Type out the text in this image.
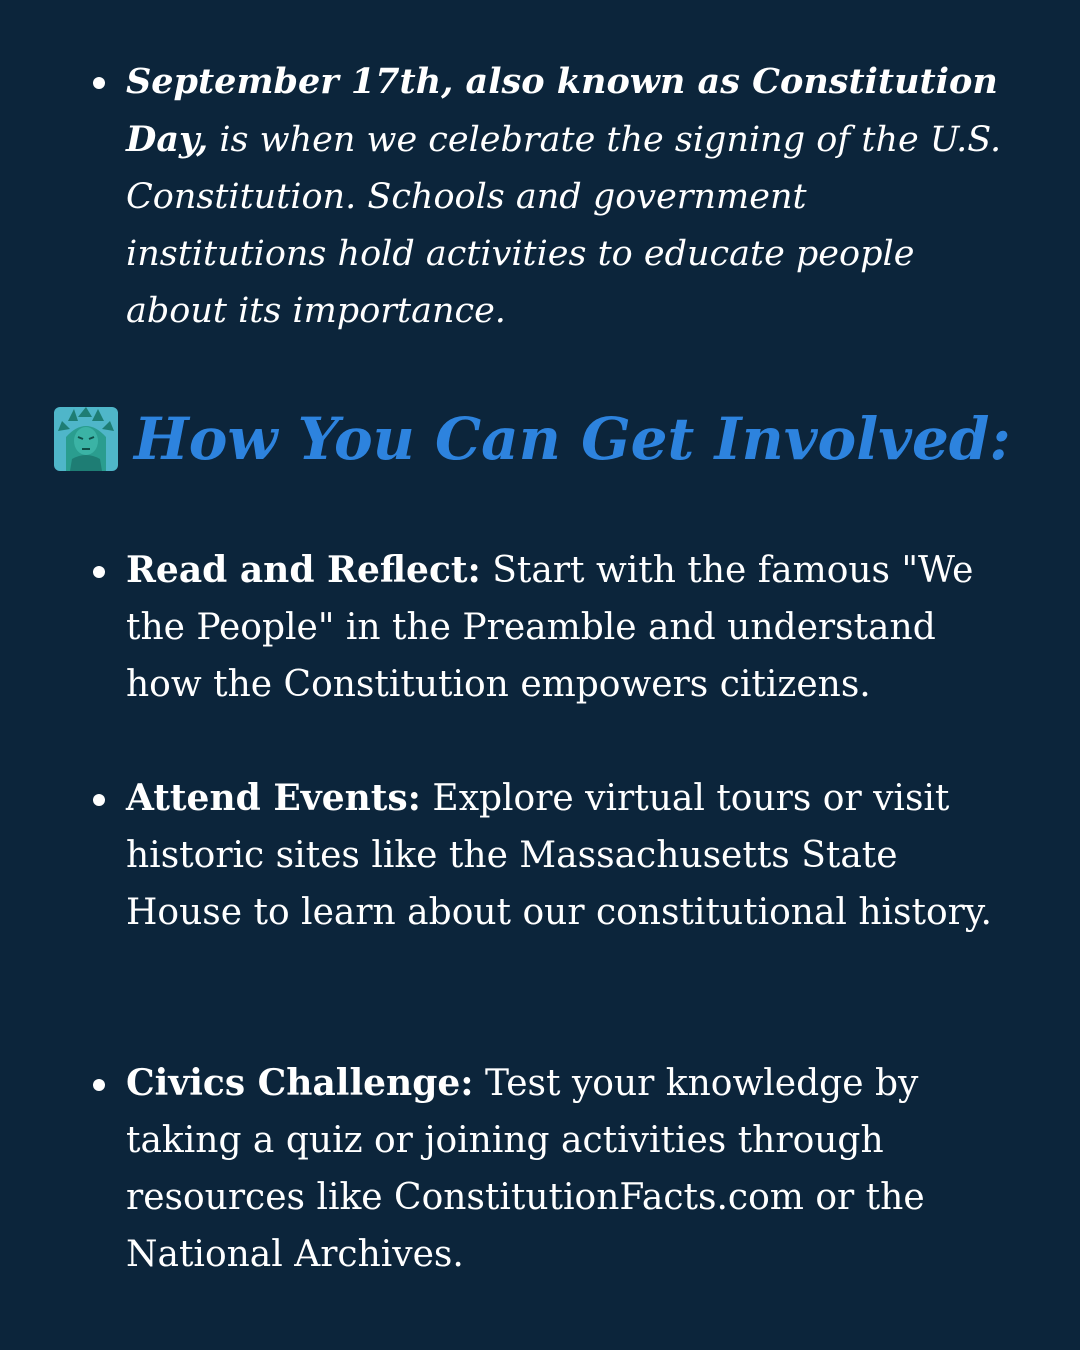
September 17th, also known as Constitution Day, is when we celebrate the signing of the U.S. Constitution. Schools and government institutions hold activities to educate people about its importance.
How You Can Get Involved:
Read and Reflect: Start with the famous "We the People" in the Preamble and understand how the Constitution empowers citizens.
Attend Events: Explore virtual tours or visit historic sites like the Massachusetts State House to learn about our constitutional history.
Civics Challenge: Test your knowledge by taking a quiz or joining activities through resources like ConstitutionFacts.com or the National Archives.
